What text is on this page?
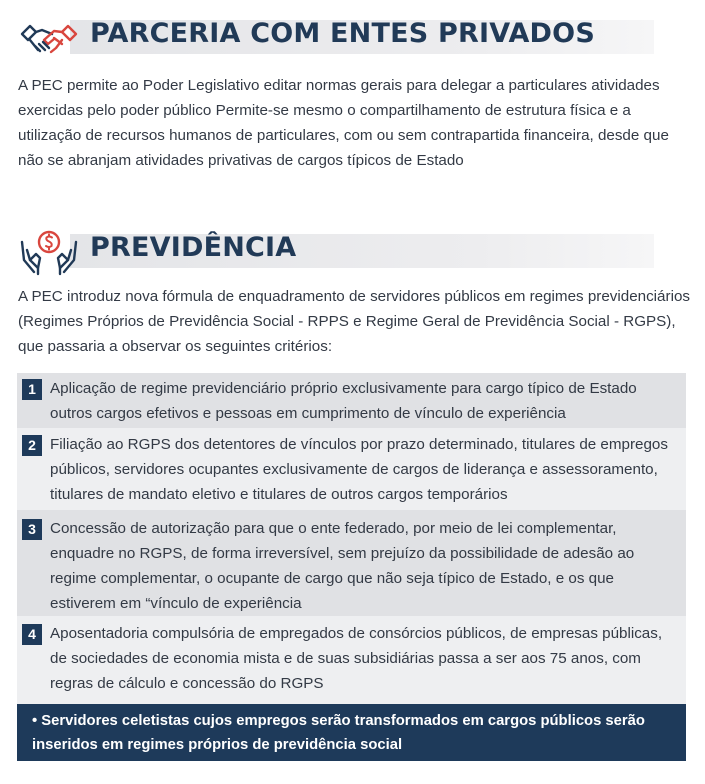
PARCERIA COM ENTES PRIVADOS
A PEC permite ao Poder Legislativo editar normas gerais para delegar a particulares atividades exercidas pelo poder público Permite-se mesmo o compartilhamento de estrutura física e a utilização de recursos humanos de particulares, com ou sem contrapartida financeira, desde que não se abranjam atividades privativas de cargos típicos de Estado
PREVIDÊNCIA
A PEC introduz nova fórmula de enquadramento de servidores públicos em regimes previdenciários (Regimes Próprios de Previdência Social - RPPS e Regime Geral de Previdência Social - RGPS), que passaria a observar os seguintes critérios:
1 Aplicação de regime previdenciário próprio exclusivamente para cargo típico de Estado outros cargos efetivos e pessoas em cumprimento de vínculo de experiência
2 Filiação ao RGPS dos detentores de vínculos por prazo determinado, titulares de empregos públicos, servidores ocupantes exclusivamente de cargos de liderança e assessoramento, titulares de mandato eletivo e titulares de outros cargos temporários
3 Concessão de autorização para que o ente federado, por meio de lei complementar, enquadre no RGPS, de forma irreversível, sem prejuízo da possibilidade de adesão ao regime complementar, o ocupante de cargo que não seja típico de Estado, e os que estiverem em “vínculo de experiência
4 Aposentadoria compulsória de empregados de consórcios públicos, de empresas públicas, de sociedades de economia mista e de suas subsidiárias passa a ser aos 75 anos, com regras de cálculo e concessão do RGPS
• Servidores celetistas cujos empregos serão transformados em cargos públicos serão inseridos em regimes próprios de previdência social
